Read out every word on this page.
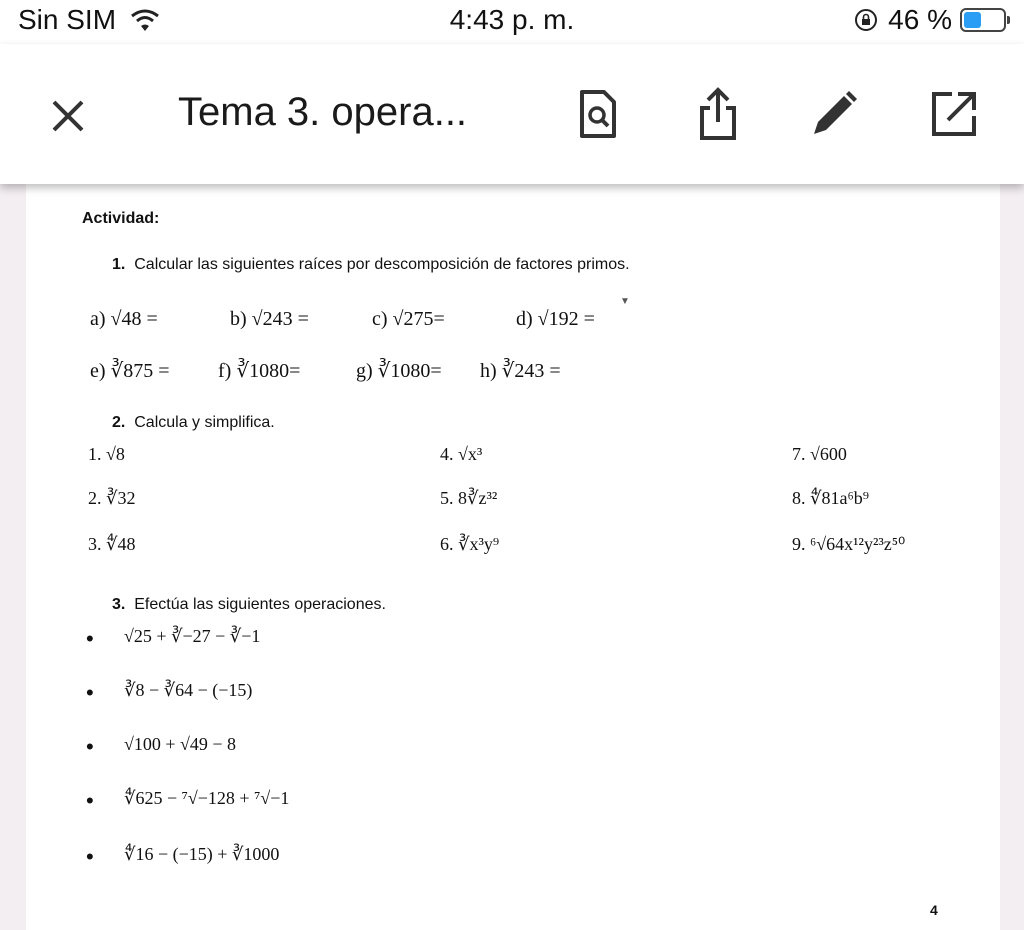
Sin SIM	4:43 p. m.	46 %
Tema 3. opera...
Actividad:
1. Calcular las siguientes raíces por descomposición de factores primos.
a) √48 =	b) √243 =	c) √275=	d) √192 =
▼
e) ∛875 = f) ∛1080=	g) ∛1080= h) ∛243 =
2. Calcula y simplifica.
1. √8	4. √x³	7. √600
2. ∛32	5. 8∛z³²	8. ∜81a⁶b⁹
3. ∜48	6. ∛x³y⁹	9. ⁶√64x¹²y²³z⁵⁰
3. Efectúa las siguientes operaciones.
• √25 + ∛−27 − ∛−1
• ∛8 − ∛64 − (−15)
• √100 + √49 − 8
• ∜625 − ⁷√−128 + ⁷√−1
• ∜16 − (−15) + ∛1000
4
